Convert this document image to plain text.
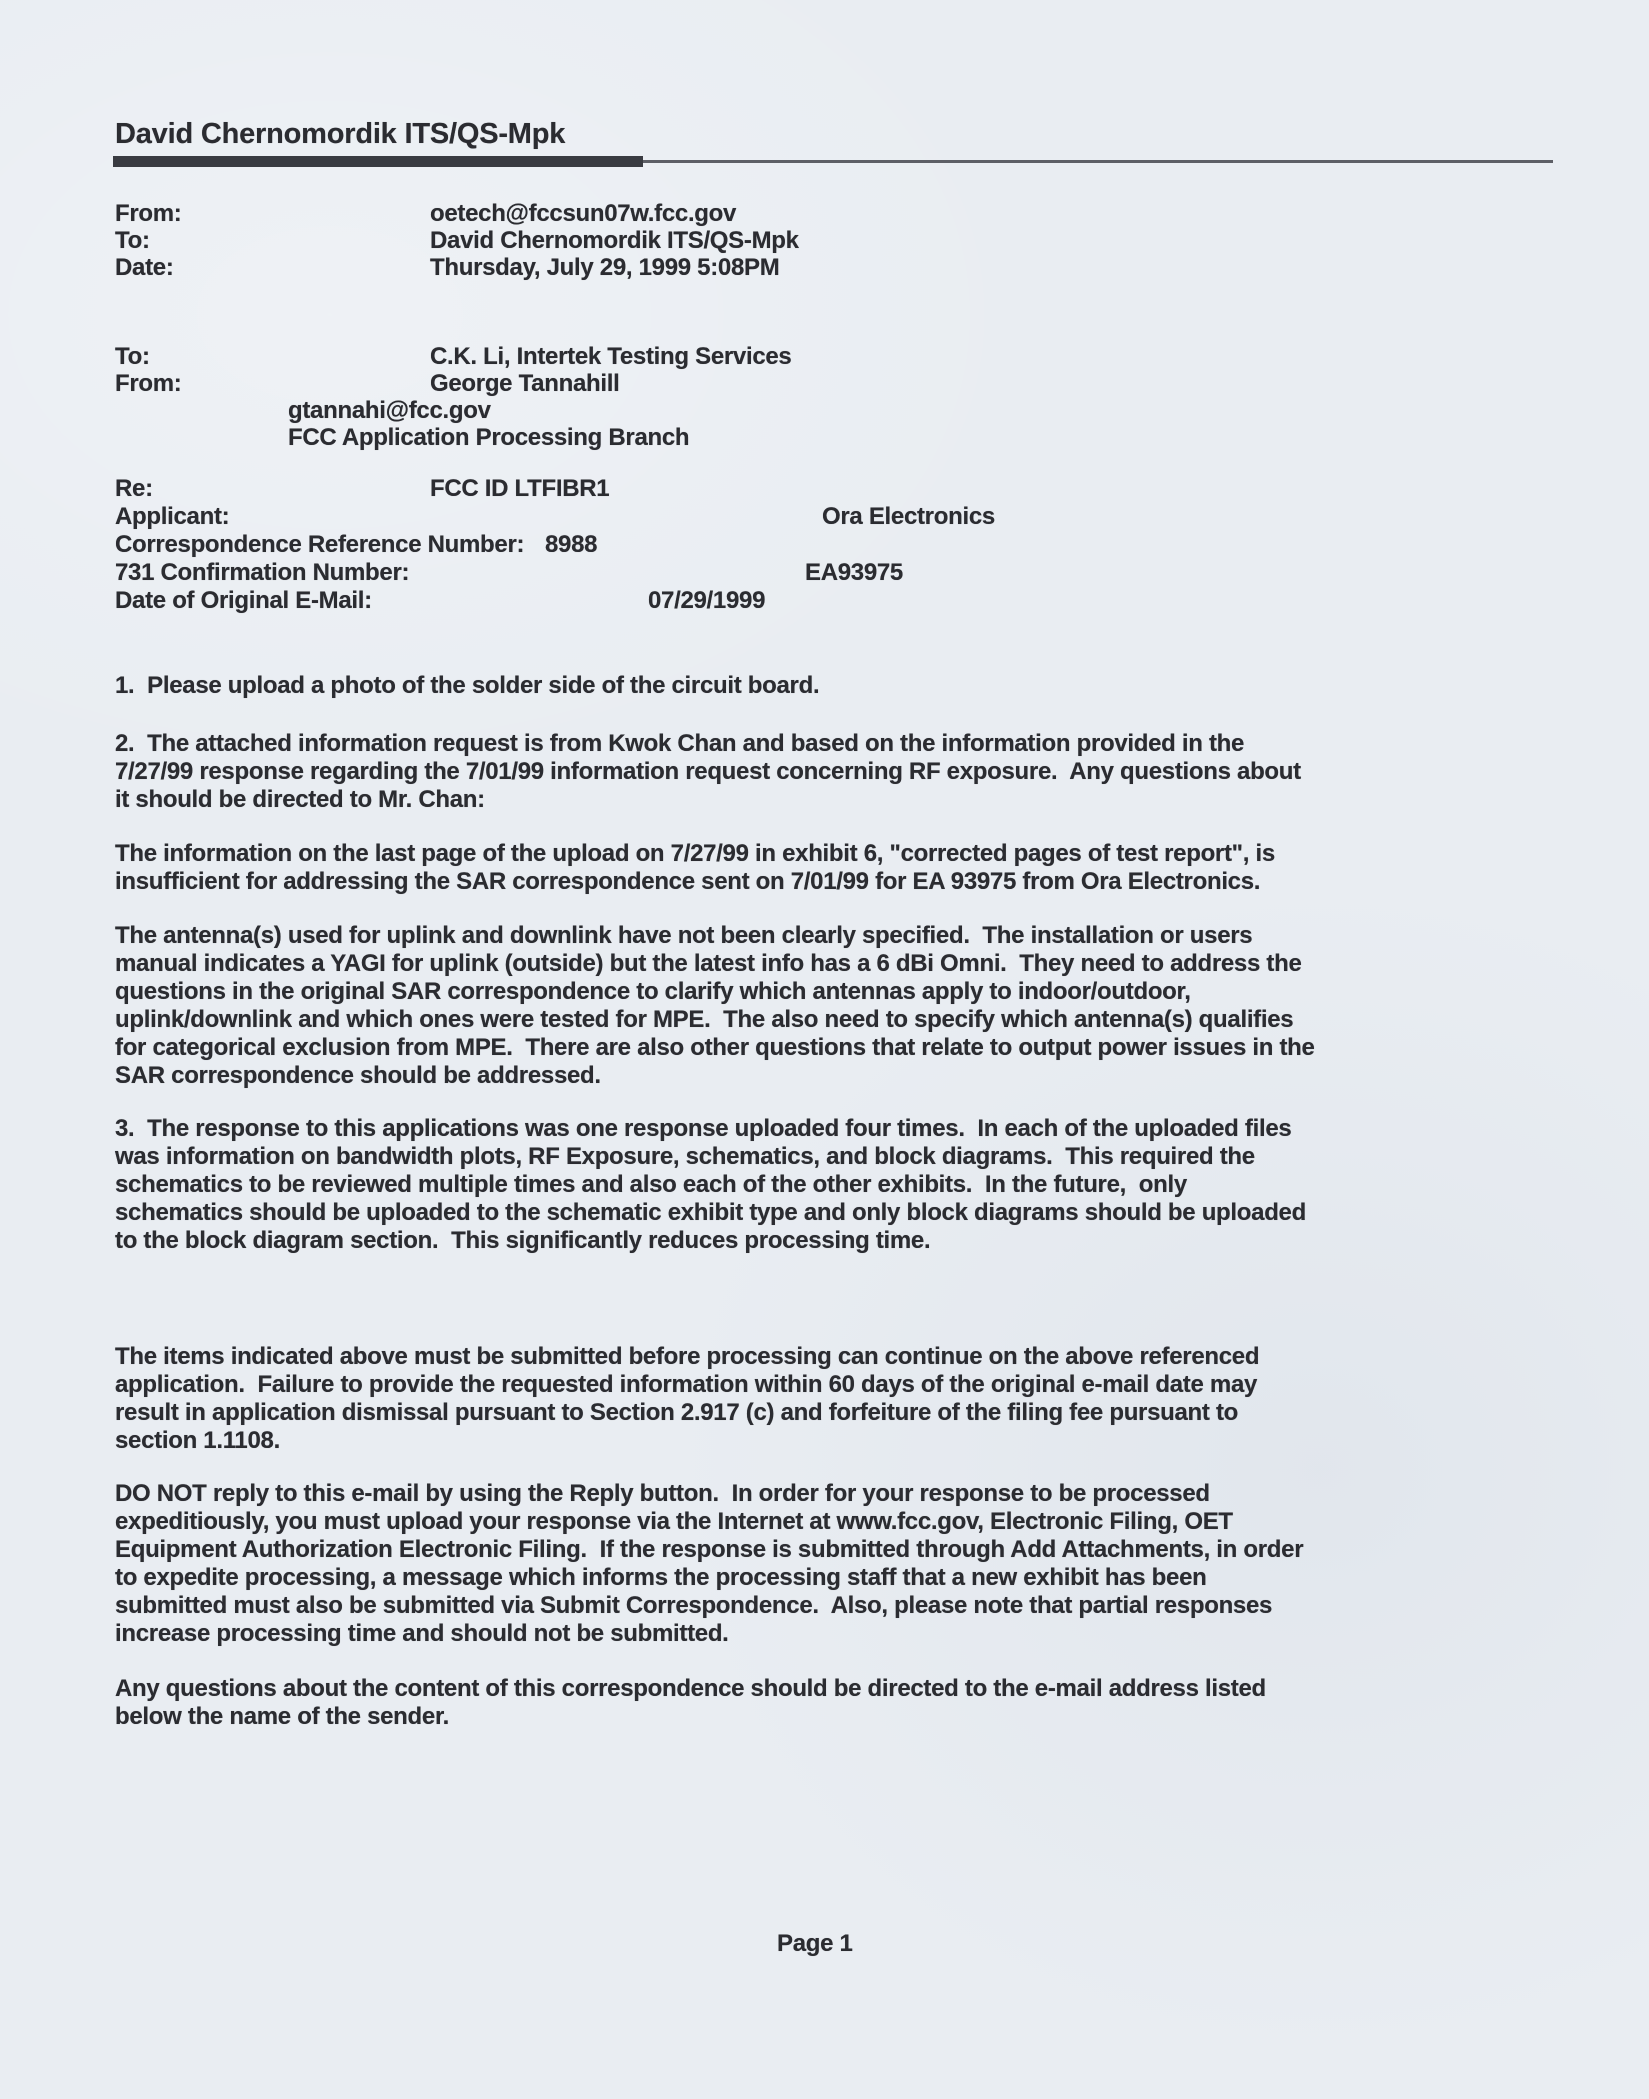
David Chernomordik ITS/QS-Mpk
From:	oetech@fccsun07w.fcc.gov
To:	David Chernomordik ITS/QS-Mpk
Date:	Thursday, July 29, 1999 5:08PM
To:	C.K. Li, Intertek Testing Services
From:	George Tannahill
gtannahi@fcc.gov
FCC Application Processing Branch
Re:	FCC ID LTFIBR1
Applicant:	Ora Electronics
Correspondence Reference Number: 8988
731 Confirmation Number:	EA93975
Date of Original E-Mail:	07/29/1999
1.  Please upload a photo of the solder side of the circuit board.
2.  The attached information request is from Kwok Chan and based on the information provided in the
7/27/99 response regarding the 7/01/99 information request concerning RF exposure.  Any questions about
it should be directed to Mr. Chan:
The information on the last page of the upload on 7/27/99 in exhibit 6, "corrected pages of test report", is
insufficient for addressing the SAR correspondence sent on 7/01/99 for EA 93975 from Ora Electronics.
The antenna(s) used for uplink and downlink have not been clearly specified.  The installation or users
manual indicates a YAGI for uplink (outside) but the latest info has a 6 dBi Omni.  They need to address the
questions in the original SAR correspondence to clarify which antennas apply to indoor/outdoor,
uplink/downlink and which ones were tested for MPE.  The also need to specify which antenna(s) qualifies
for categorical exclusion from MPE.  There are also other questions that relate to output power issues in the
SAR correspondence should be addressed.
3.  The response to this applications was one response uploaded four times.  In each of the uploaded files
was information on bandwidth plots, RF Exposure, schematics, and block diagrams.  This required the
schematics to be reviewed multiple times and also each of the other exhibits.  In the future,  only
schematics should be uploaded to the schematic exhibit type and only block diagrams should be uploaded
to the block diagram section.  This significantly reduces processing time.
The items indicated above must be submitted before processing can continue on the above referenced
application.  Failure to provide the requested information within 60 days of the original e-mail date may
result in application dismissal pursuant to Section 2.917 (c) and forfeiture of the filing fee pursuant to
section 1.1108.
DO NOT reply to this e-mail by using the Reply button.  In order for your response to be processed
expeditiously, you must upload your response via the Internet at www.fcc.gov, Electronic Filing, OET
Equipment Authorization Electronic Filing.  If the response is submitted through Add Attachments, in order
to expedite processing, a message which informs the processing staff that a new exhibit has been
submitted must also be submitted via Submit Correspondence.  Also, please note that partial responses
increase processing time and should not be submitted.
Any questions about the content of this correspondence should be directed to the e-mail address listed
below the name of the sender.
Page 1
